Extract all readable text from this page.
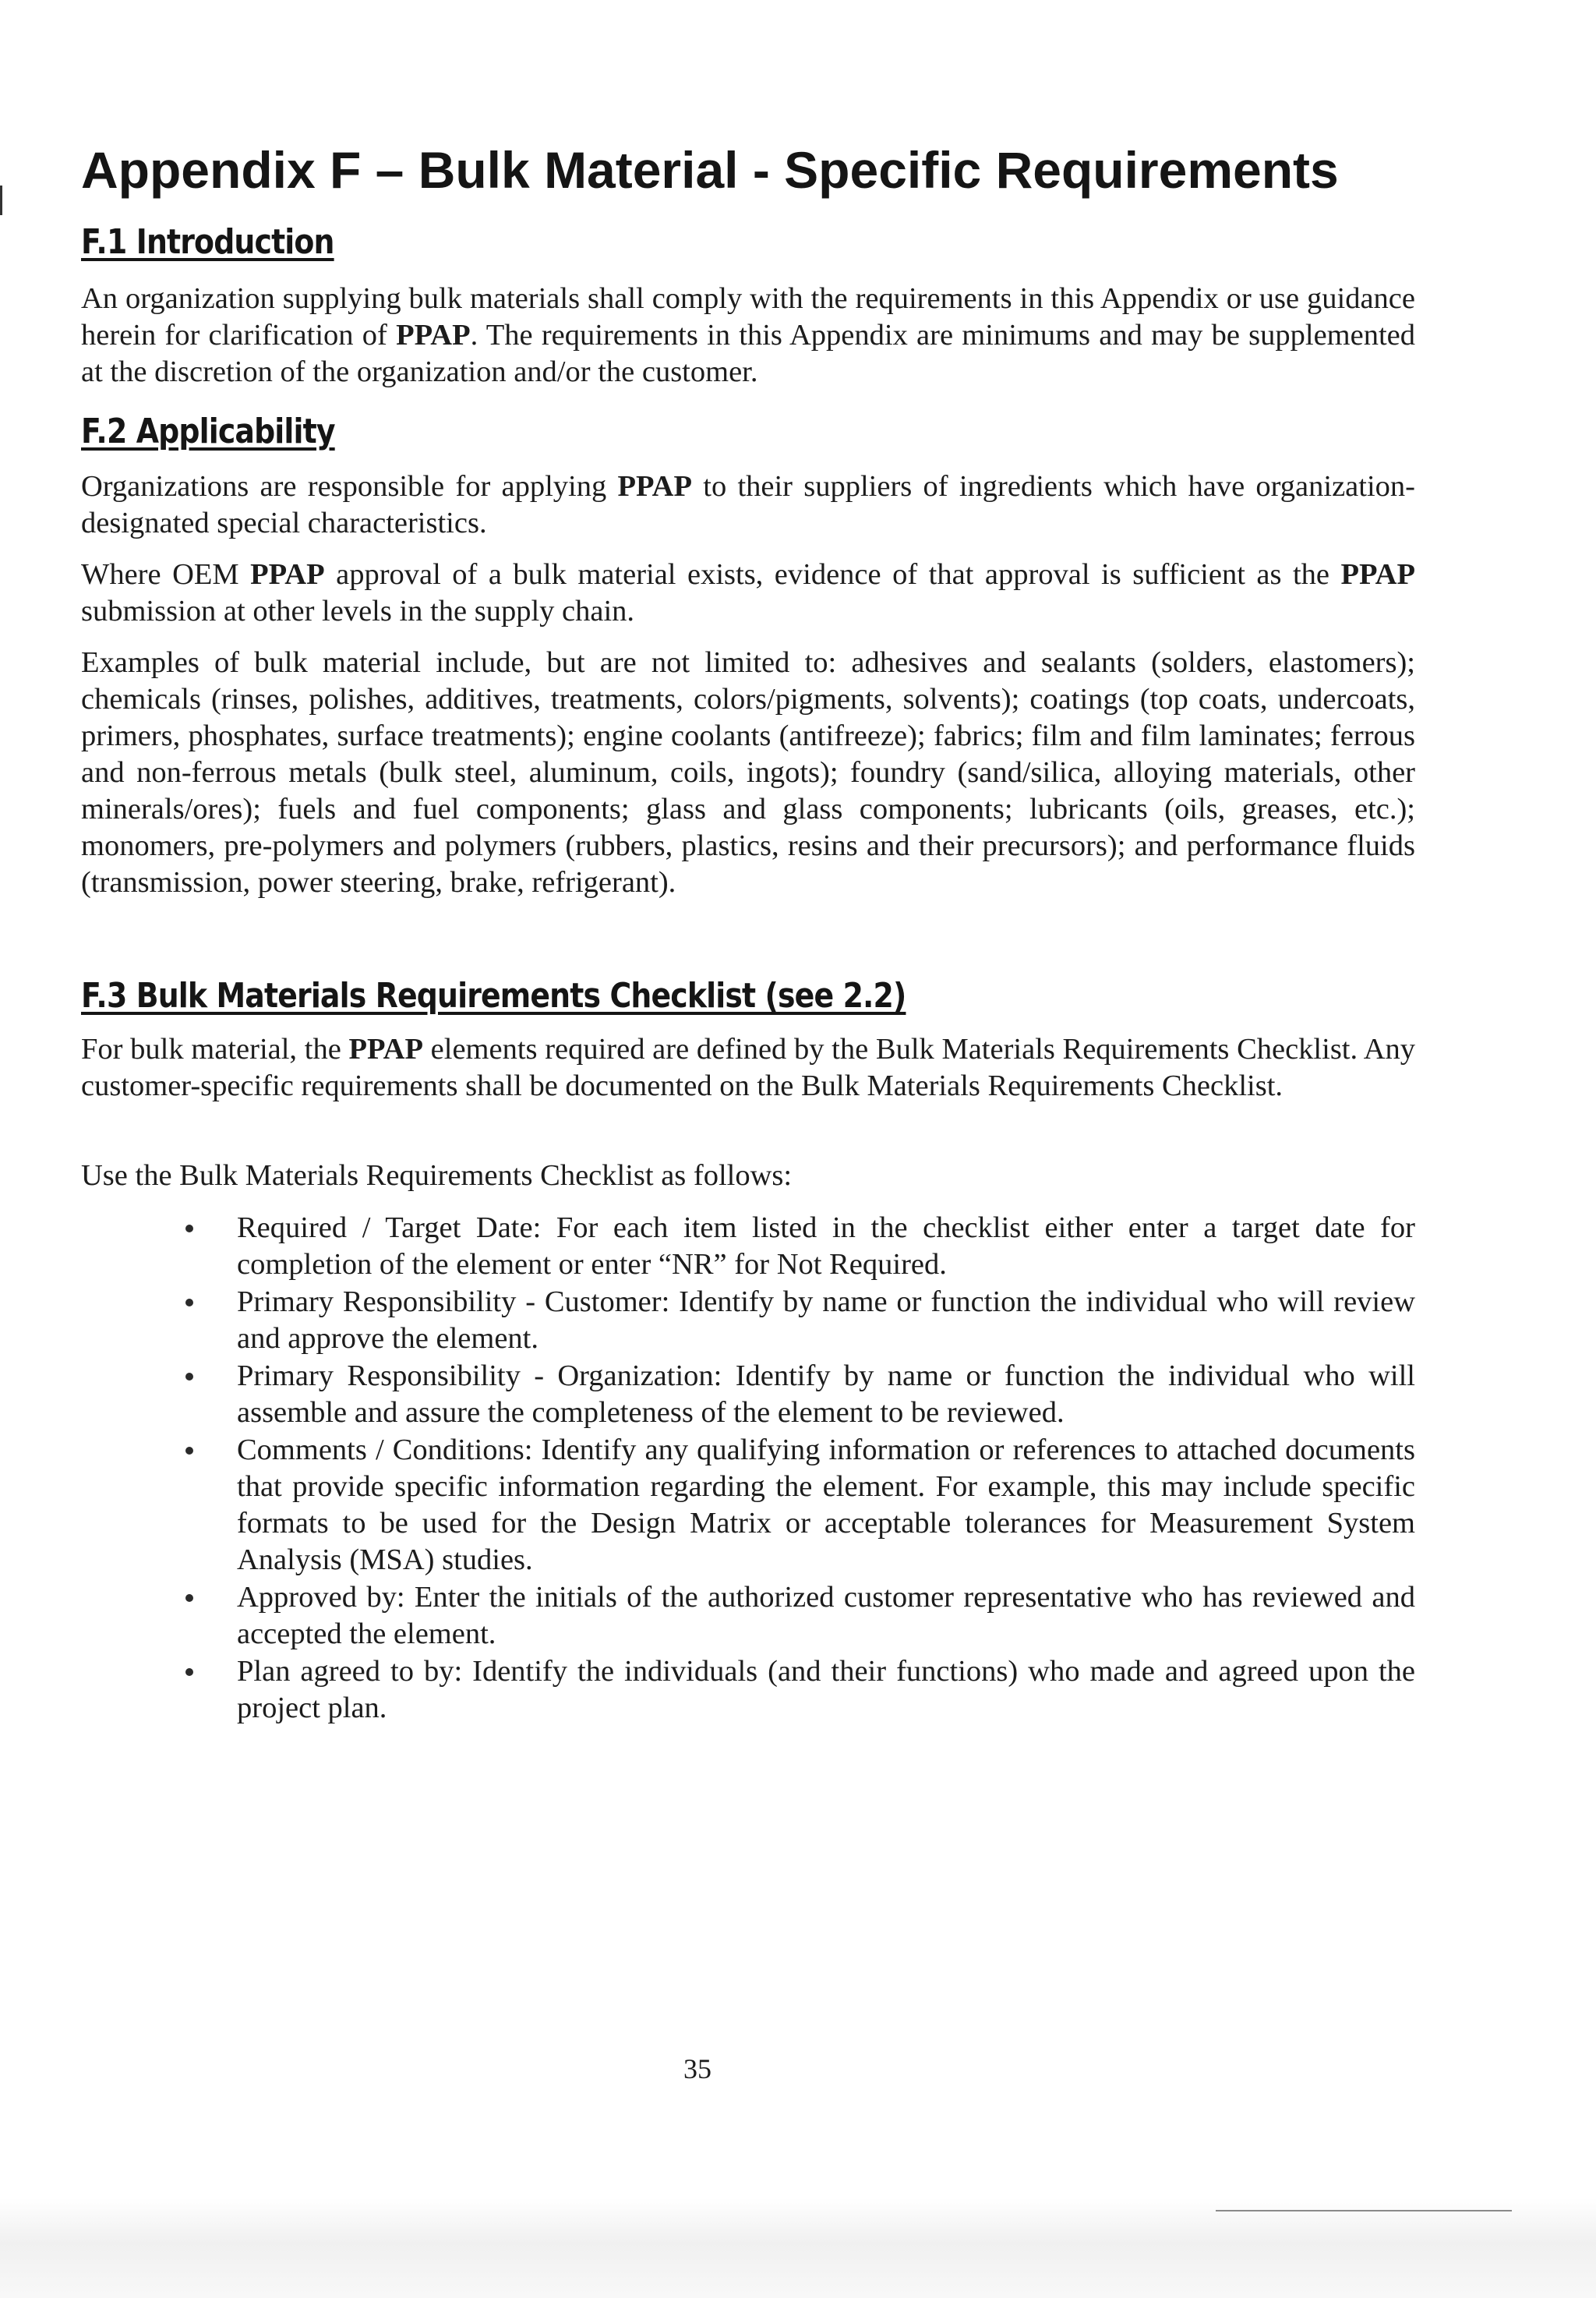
Appendix F – Bulk Material - Specific Requirements
F.1 Introduction

An organization supplying bulk materials shall comply with the requirements in this Appendix or use guidance herein for clarification of PPAP. The requirements in this Appendix are minimums and may be supplemented at the discretion of the organization and/or the customer.

F.2 Applicability

Organizations are responsible for applying PPAP to their suppliers of ingredients which have organization-designated special characteristics.

Where OEM PPAP approval of a bulk material exists, evidence of that approval is sufficient as the PPAP submission at other levels in the supply chain.

Examples of bulk material include, but are not limited to: adhesives and sealants (solders, elastomers); chemicals (rinses, polishes, additives, treatments, colors/pigments, solvents); coatings (top coats, undercoats, primers, phosphates, surface treatments); engine coolants (antifreeze); fabrics; film and film laminates; ferrous and non-ferrous metals (bulk steel, aluminum, coils, ingots); foundry (sand/silica, alloying materials, other minerals/ores); fuels and fuel components; glass and glass components; lubricants (oils, greases, etc.); monomers, pre-polymers and polymers (rubbers, plastics, resins and their precursors); and performance fluids (transmission, power steering, brake, refrigerant).

F.3 Bulk Materials Requirements Checklist (see 2.2)

For bulk material, the PPAP elements required are defined by the Bulk Materials Requirements Checklist. Any customer-specific requirements shall be documented on the Bulk Materials Requirements Checklist.

Use the Bulk Materials Requirements Checklist as follows:

Required / Target Date: For each item listed in the checklist either enter a target date for completion of the element or enter “NR” for Not Required.
Primary Responsibility - Customer: Identify by name or function the individual who will review and approve the element.
Primary Responsibility - Organization: Identify by name or function the individual who will assemble and assure the completeness of the element to be reviewed.
Comments / Conditions: Identify any qualifying information or references to attached documents that provide specific information regarding the element. For example, this may include specific formats to be used for the Design Matrix or acceptable tolerances for Measurement System Analysis (MSA) studies.
Approved by: Enter the initials of the authorized customer representative who has reviewed and accepted the element.
Plan agreed to by: Identify the individuals (and their functions) who made and agreed upon the project plan.
35
